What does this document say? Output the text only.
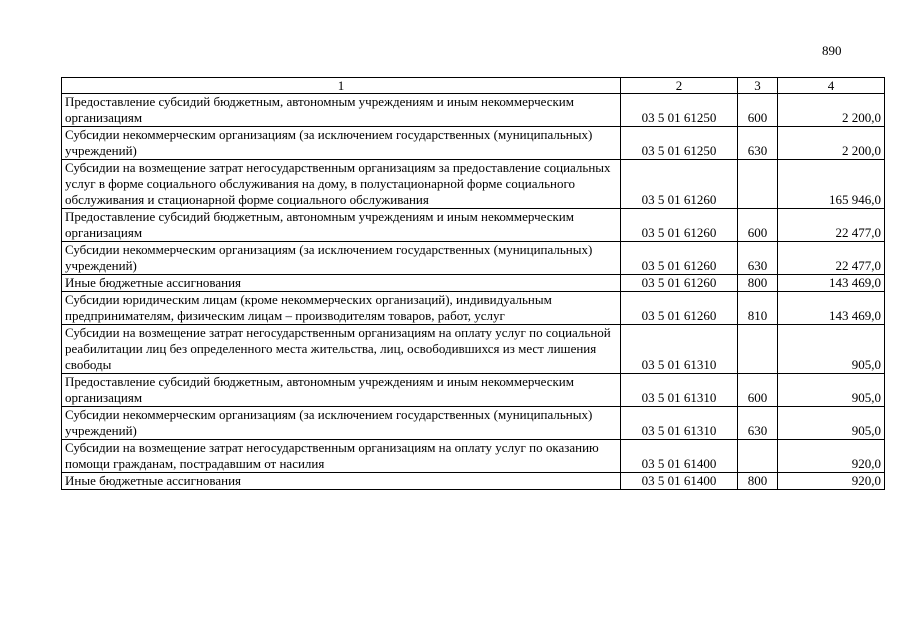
890
1	2	3	4
Предоставление субсидий бюджетным, автономным учреждениям и иным некоммерческим организациям	03 5 01 61250	600	2 200,0
Субсидии некоммерческим организациям (за исключением государственных (муниципальных) учреждений)	03 5 01 61250	630	2 200,0
Субсидии на возмещение затрат негосударственным организациям за предоставление социальных услуг в форме социального обслуживания на дому, в полустационарной форме социального обслуживания и стационарной форме социального обслуживания	03 5 01 61260		165 946,0
Предоставление субсидий бюджетным, автономным учреждениям и иным некоммерческим организациям	03 5 01 61260	600	22 477,0
Субсидии некоммерческим организациям (за исключением государственных (муниципальных) учреждений)	03 5 01 61260	630	22 477,0
Иные бюджетные ассигнования	03 5 01 61260	800	143 469,0
Субсидии юридическим лицам (кроме некоммерческих организаций), индивидуальным предпринимателям, физическим лицам – производителям товаров, работ, услуг	03 5 01 61260	810	143 469,0
Субсидии на возмещение затрат негосударственным организациям на оплату услуг по социальной реабилитации лиц без определенного места жительства, лиц, освободившихся из мест лишения свободы	03 5 01 61310		905,0
Предоставление субсидий бюджетным, автономным учреждениям и иным некоммерческим организациям	03 5 01 61310	600	905,0
Субсидии некоммерческим организациям (за исключением государственных (муниципальных) учреждений)	03 5 01 61310	630	905,0
Субсидии на возмещение затрат негосударственным организациям на оплату услуг по оказанию помощи гражданам, пострадавшим от насилия	03 5 01 61400		920,0
Иные бюджетные ассигнования	03 5 01 61400	800	920,0
